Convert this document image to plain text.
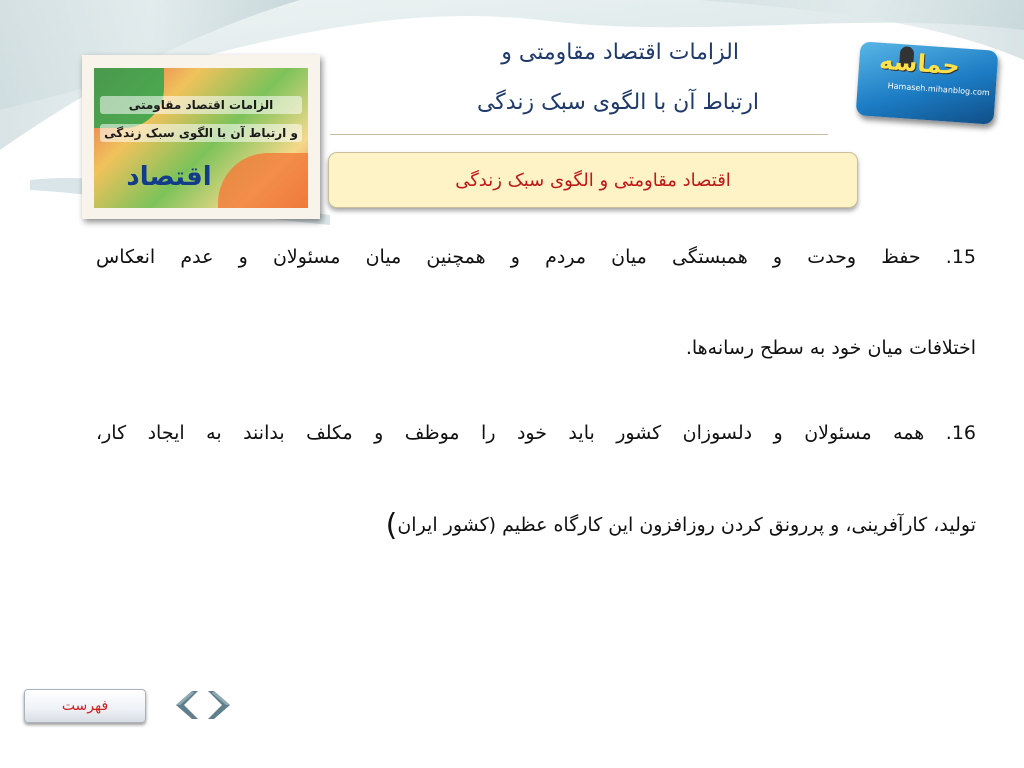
الزامات اقتصاد مقاومتی و
ارتباط آن با الگوی سبک زندگی
اقتصاد مقاومتی و الگوی سبک زندگی
الزامات اقتصاد مقاومتی
و ارتباط آن با الگوی سبک زندگی
اقتصاد
حماسه
Hamaseh.mihanblog.com
15. حفظ وحدت و همبستگی میان مردم و همچنین میان مسئولان و عدم انعکاس
اختلافات میان خود به سطح رسانه‌ها.
16. همه مسئولان و دلسوزان کشور باید خود را موظف و مکلف بدانند به ایجاد کار،
تولید، کارآفرینی، و پررونق کردن روزافزون این کارگاه عظیم (کشور ایران)
فهرست
